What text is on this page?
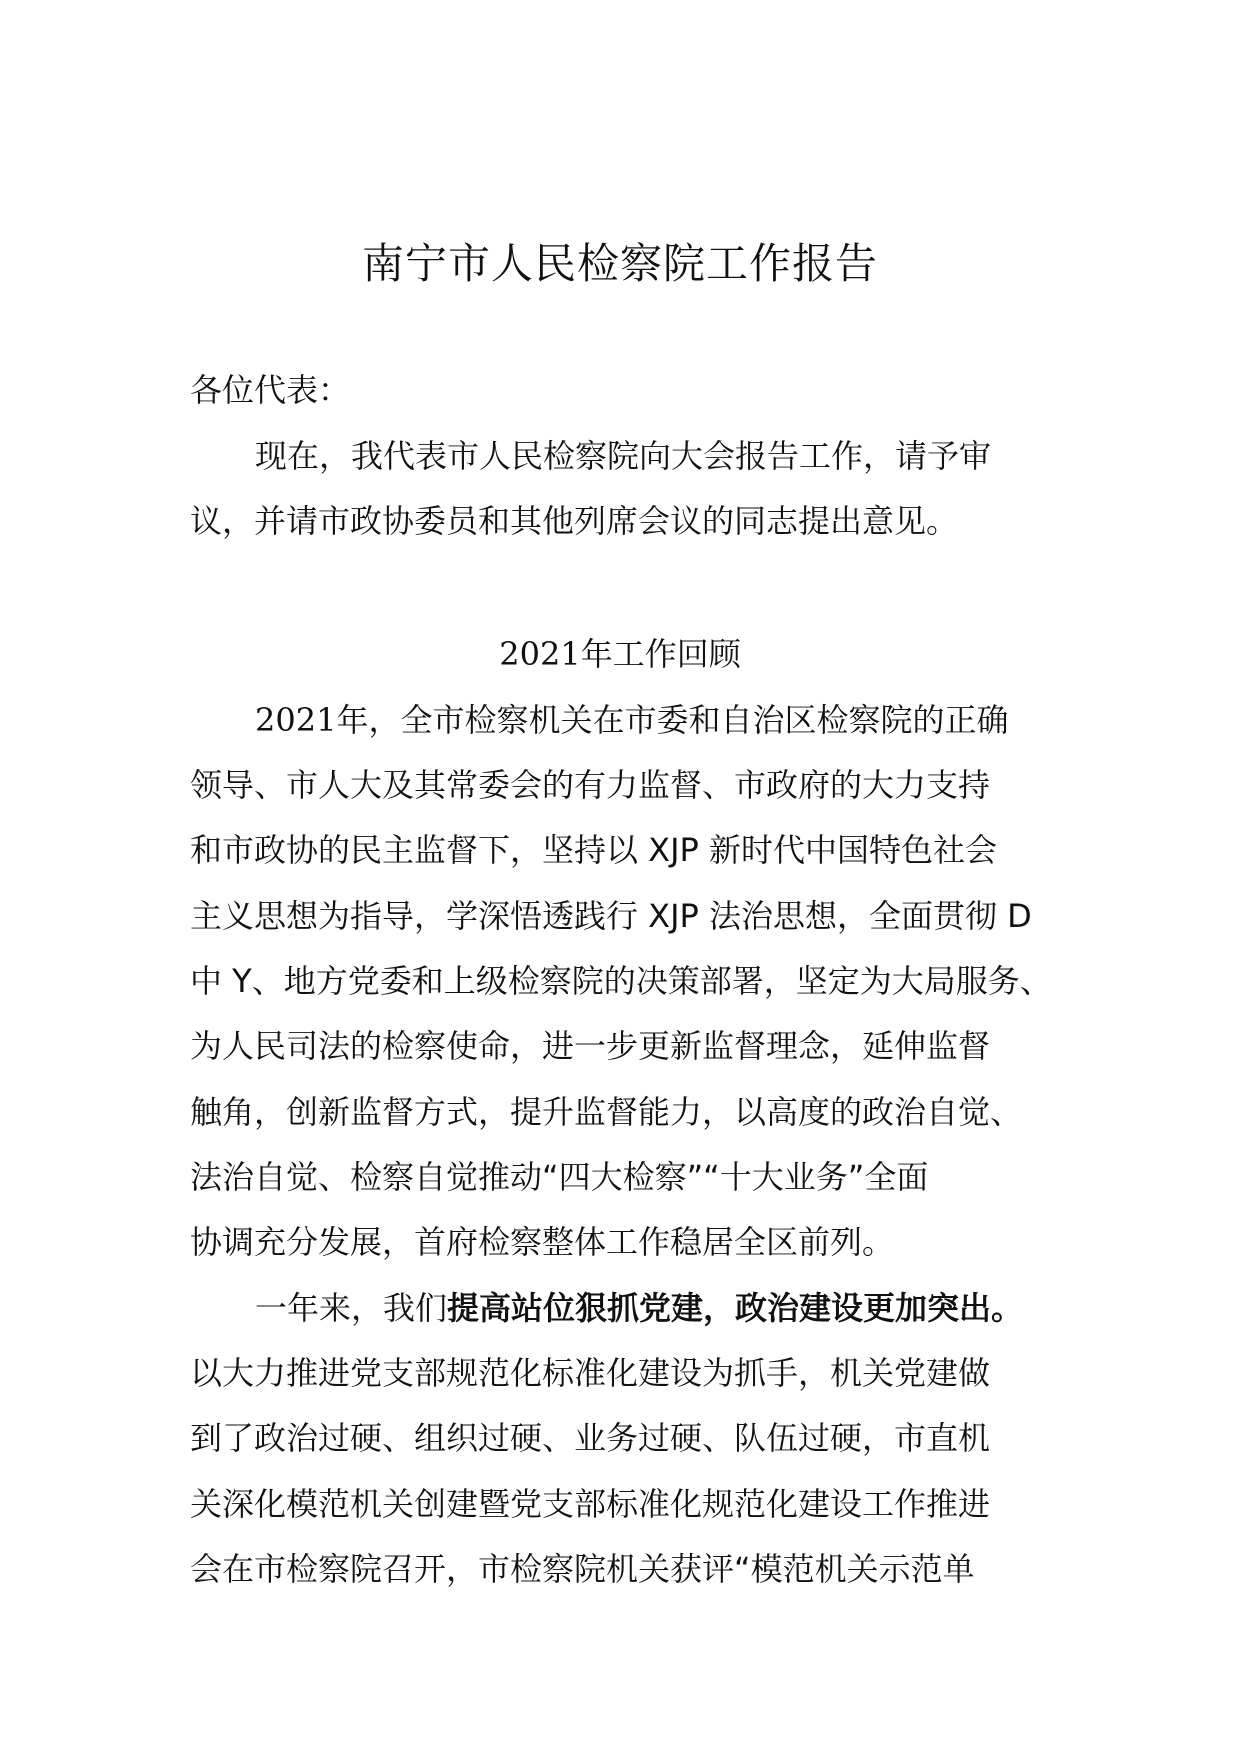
南宁市人民检察院工作报告
各位代表：
现在，我代表市人民检察院向大会报告工作，请予审
议，并请市政协委员和其他列席会议的同志提出意见。
2021年工作回顾
2021年，全市检察机关在市委和自治区检察院的正确
领导、市人大及其常委会的有力监督、市政府的大力支持
和市政协的民主监督下，坚持以 XJP 新时代中国特色社会
主义思想为指导，学深悟透践行 XJP 法治思想，全面贯彻 D
中 Y、地方党委和上级检察院的决策部署，坚定为大局服务、
为人民司法的检察使命，进一步更新监督理念，延伸监督
触角，创新监督方式，提升监督能力，以高度的政治自觉、
法治自觉、检察自觉推动“四大检察”“十大业务”全面
协调充分发展，首府检察整体工作稳居全区前列。
一年来，我们提高站位狠抓党建，政治建设更加突出。
以大力推进党支部规范化标准化建设为抓手，机关党建做
到了政治过硬、组织过硬、业务过硬、队伍过硬，市直机
关深化模范机关创建暨党支部标准化规范化建设工作推进
会在市检察院召开，市检察院机关获评“模范机关示范单
